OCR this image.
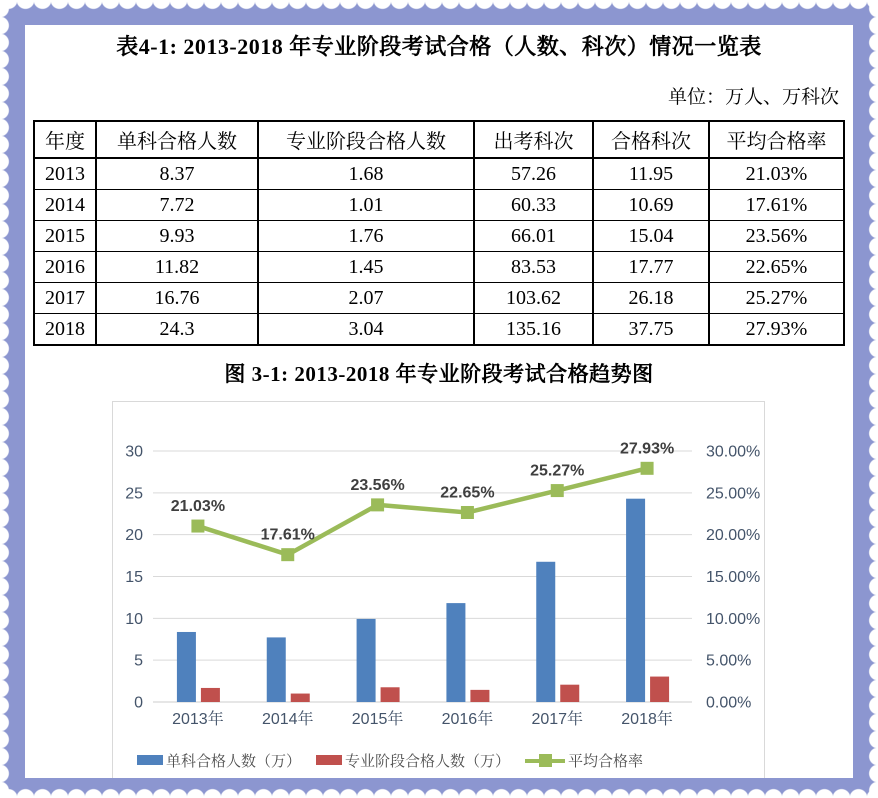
表4-1: 2013-2018 年专业阶段考试合格（人数、科次）情况一览表
单位：万人、万科次
年度	单科合格人数	专业阶段合格人数	出考科次	合格科次	平均合格率
2013	8.37	1.68	57.26	11.95	21.03%
2014	7.72	1.01	60.33	10.69	17.61%
2015	9.93	1.76	66.01	15.04	23.56%
2016	11.82	1.45	83.53	17.77	22.65%
2017	16.76	2.07	103.62	26.18	25.27%
2018	24.3	3.04	135.16	37.75	27.93%
图 3-1: 2013-2018 年专业阶段考试合格趋势图
0	0.00%
5	5.00%
10	10.00%
15	15.00%
20	20.00%
25	25.00%
30	30.00%
21.03%
17.61%
23.56% 22.65%
25.27%
27.93%
2013年 2014年 2015年 2016年 2017年 2018年
单科合格人数（万）	专业阶段合格人数（万）	平均合格率
